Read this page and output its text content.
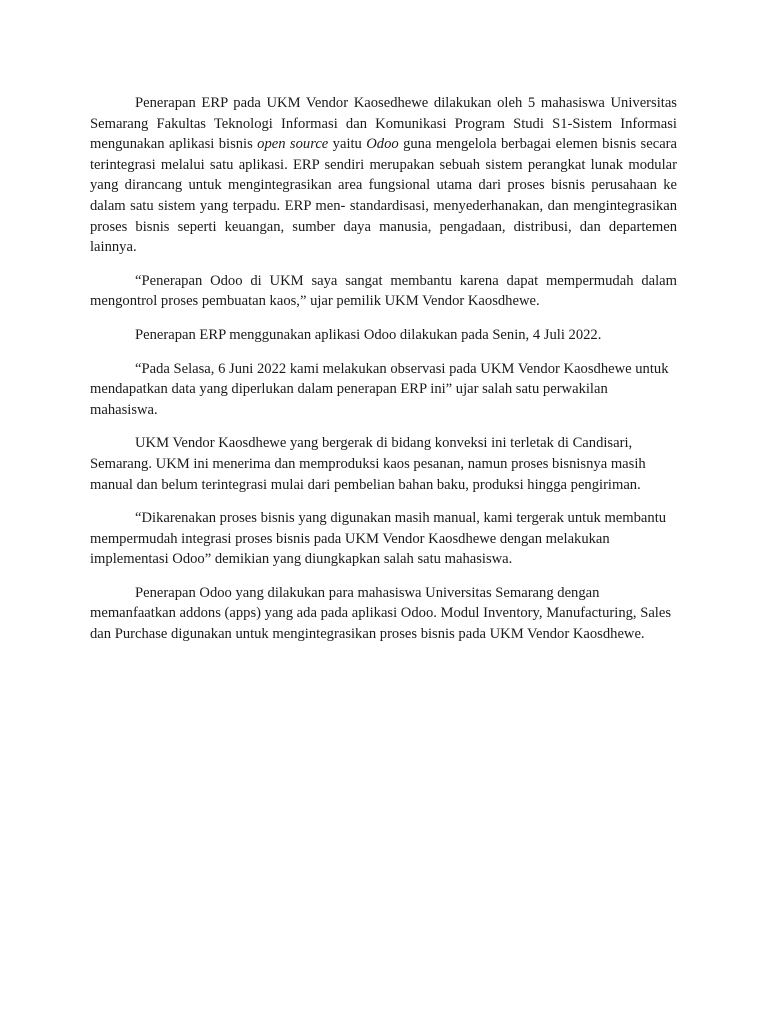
Penerapan ERP pada UKM Vendor Kaosedhewe dilakukan oleh 5 mahasiswa Universitas Semarang Fakultas Teknologi Informasi dan Komunikasi Program Studi S1-Sistem Informasi mengunakan aplikasi bisnis open source yaitu Odoo guna mengelola berbagai elemen bisnis secara terintegrasi melalui satu aplikasi. ERP sendiri merupakan sebuah sistem perangkat lunak modular yang dirancang untuk mengintegrasikan area fungsional utama dari proses bisnis perusahaan ke dalam satu sistem yang terpadu. ERP men- standardisasi, menyederhanakan, dan mengintegrasikan proses bisnis seperti keuangan, sumber daya manusia, pengadaan, distribusi, dan departemen lainnya.

“Penerapan Odoo di UKM saya sangat membantu karena dapat mempermudah dalam mengontrol proses pembuatan kaos,” ujar pemilik UKM Vendor Kaosdhewe.

Penerapan ERP menggunakan aplikasi Odoo dilakukan pada Senin, 4 Juli 2022.

“Pada Selasa, 6 Juni 2022 kami melakukan observasi pada UKM Vendor Kaosdhewe untuk mendapatkan data yang diperlukan dalam penerapan ERP ini” ujar salah satu perwakilan mahasiswa.

UKM Vendor Kaosdhewe yang bergerak di bidang konveksi ini terletak di Candisari, Semarang. UKM ini menerima dan memproduksi kaos pesanan, namun proses bisnisnya masih manual dan belum terintegrasi mulai dari pembelian bahan baku, produksi hingga pengiriman.

“Dikarenakan proses bisnis yang digunakan masih manual, kami tergerak untuk membantu mempermudah integrasi proses bisnis pada UKM Vendor Kaosdhewe dengan melakukan implementasi Odoo” demikian yang diungkapkan salah satu mahasiswa.

Penerapan Odoo yang dilakukan para mahasiswa Universitas Semarang dengan memanfaatkan addons (apps) yang ada pada aplikasi Odoo. Modul Inventory, Manufacturing, Sales dan Purchase digunakan untuk mengintegrasikan proses bisnis pada UKM Vendor Kaosdhewe.
